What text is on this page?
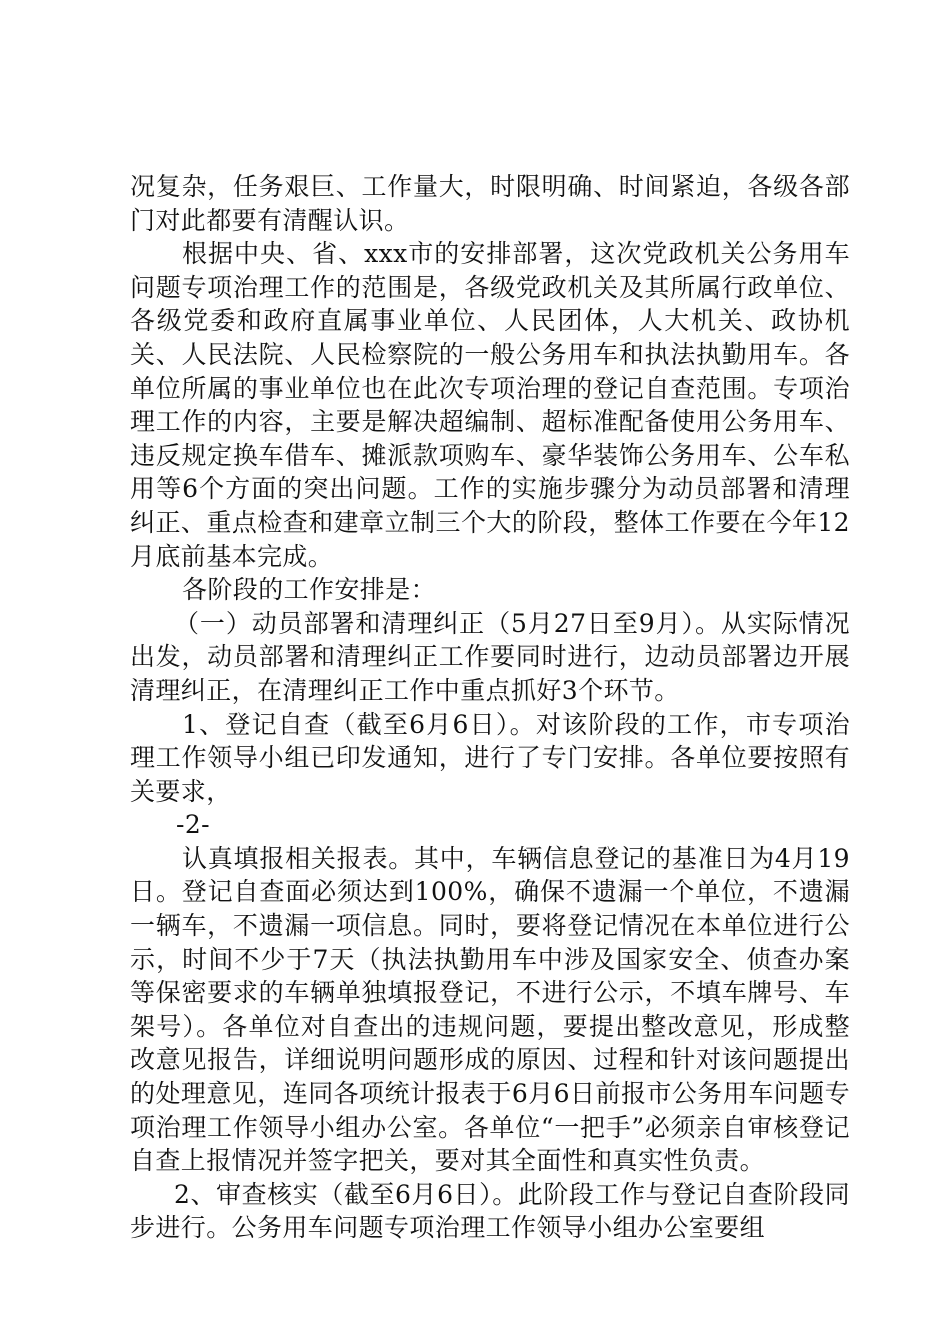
况复杂，任务艰巨、工作量大，时限明确、时间紧迫，各级各部门对此都要有清醒认识。

根据中央、省、xxx市的安排部署，这次党政机关公务用车问题专项治理工作的范围是，各级党政机关及其所属行政单位、各级党委和政府直属事业单位、人民团体，人大机关、政协机关、人民法院、人民检察院的一般公务用车和执法执勤用车。各单位所属的事业单位也在此次专项治理的登记自查范围。专项治理工作的内容，主要是解决超编制、超标准配备使用公务用车、违反规定换车借车、摊派款项购车、豪华装饰公务用车、公车私用等6个方面的突出问题。工作的实施步骤分为动员部署和清理纠正、重点检查和建章立制三个大的阶段，整体工作要在今年12月底前基本完成。

各阶段的工作安排是：

（一）动员部署和清理纠正（5月27日至9月）。从实际情况出发，动员部署和清理纠正工作要同时进行，边动员部署边开展清理纠正，在清理纠正工作中重点抓好3个环节。

1、登记自查（截至6月6日）。对该阶段的工作，市专项治理工作领导小组已印发通知，进行了专门安排。各单位要按照有关要求，

-2-

认真填报相关报表。其中，车辆信息登记的基准日为4月19日。登记自查面必须达到100%，确保不遗漏一个单位，不遗漏一辆车，不遗漏一项信息。同时，要将登记情况在本单位进行公示，时间不少于7天（执法执勤用车中涉及国家安全、侦查办案等保密要求的车辆单独填报登记，不进行公示，不填车牌号、车架号）。各单位对自查出的违规问题，要提出整改意见，形成整改意见报告，详细说明问题形成的原因、过程和针对该问题提出的处理意见，连同各项统计报表于6月6日前报市公务用车问题专项治理工作领导小组办公室。各单位“一把手”必须亲自审核登记自查上报情况并签字把关，要对其全面性和真实性负责。

2、审查核实（截至6月6日）。此阶段工作与登记自查阶段同步进行。公务用车问题专项治理工作领导小组办公室要组
